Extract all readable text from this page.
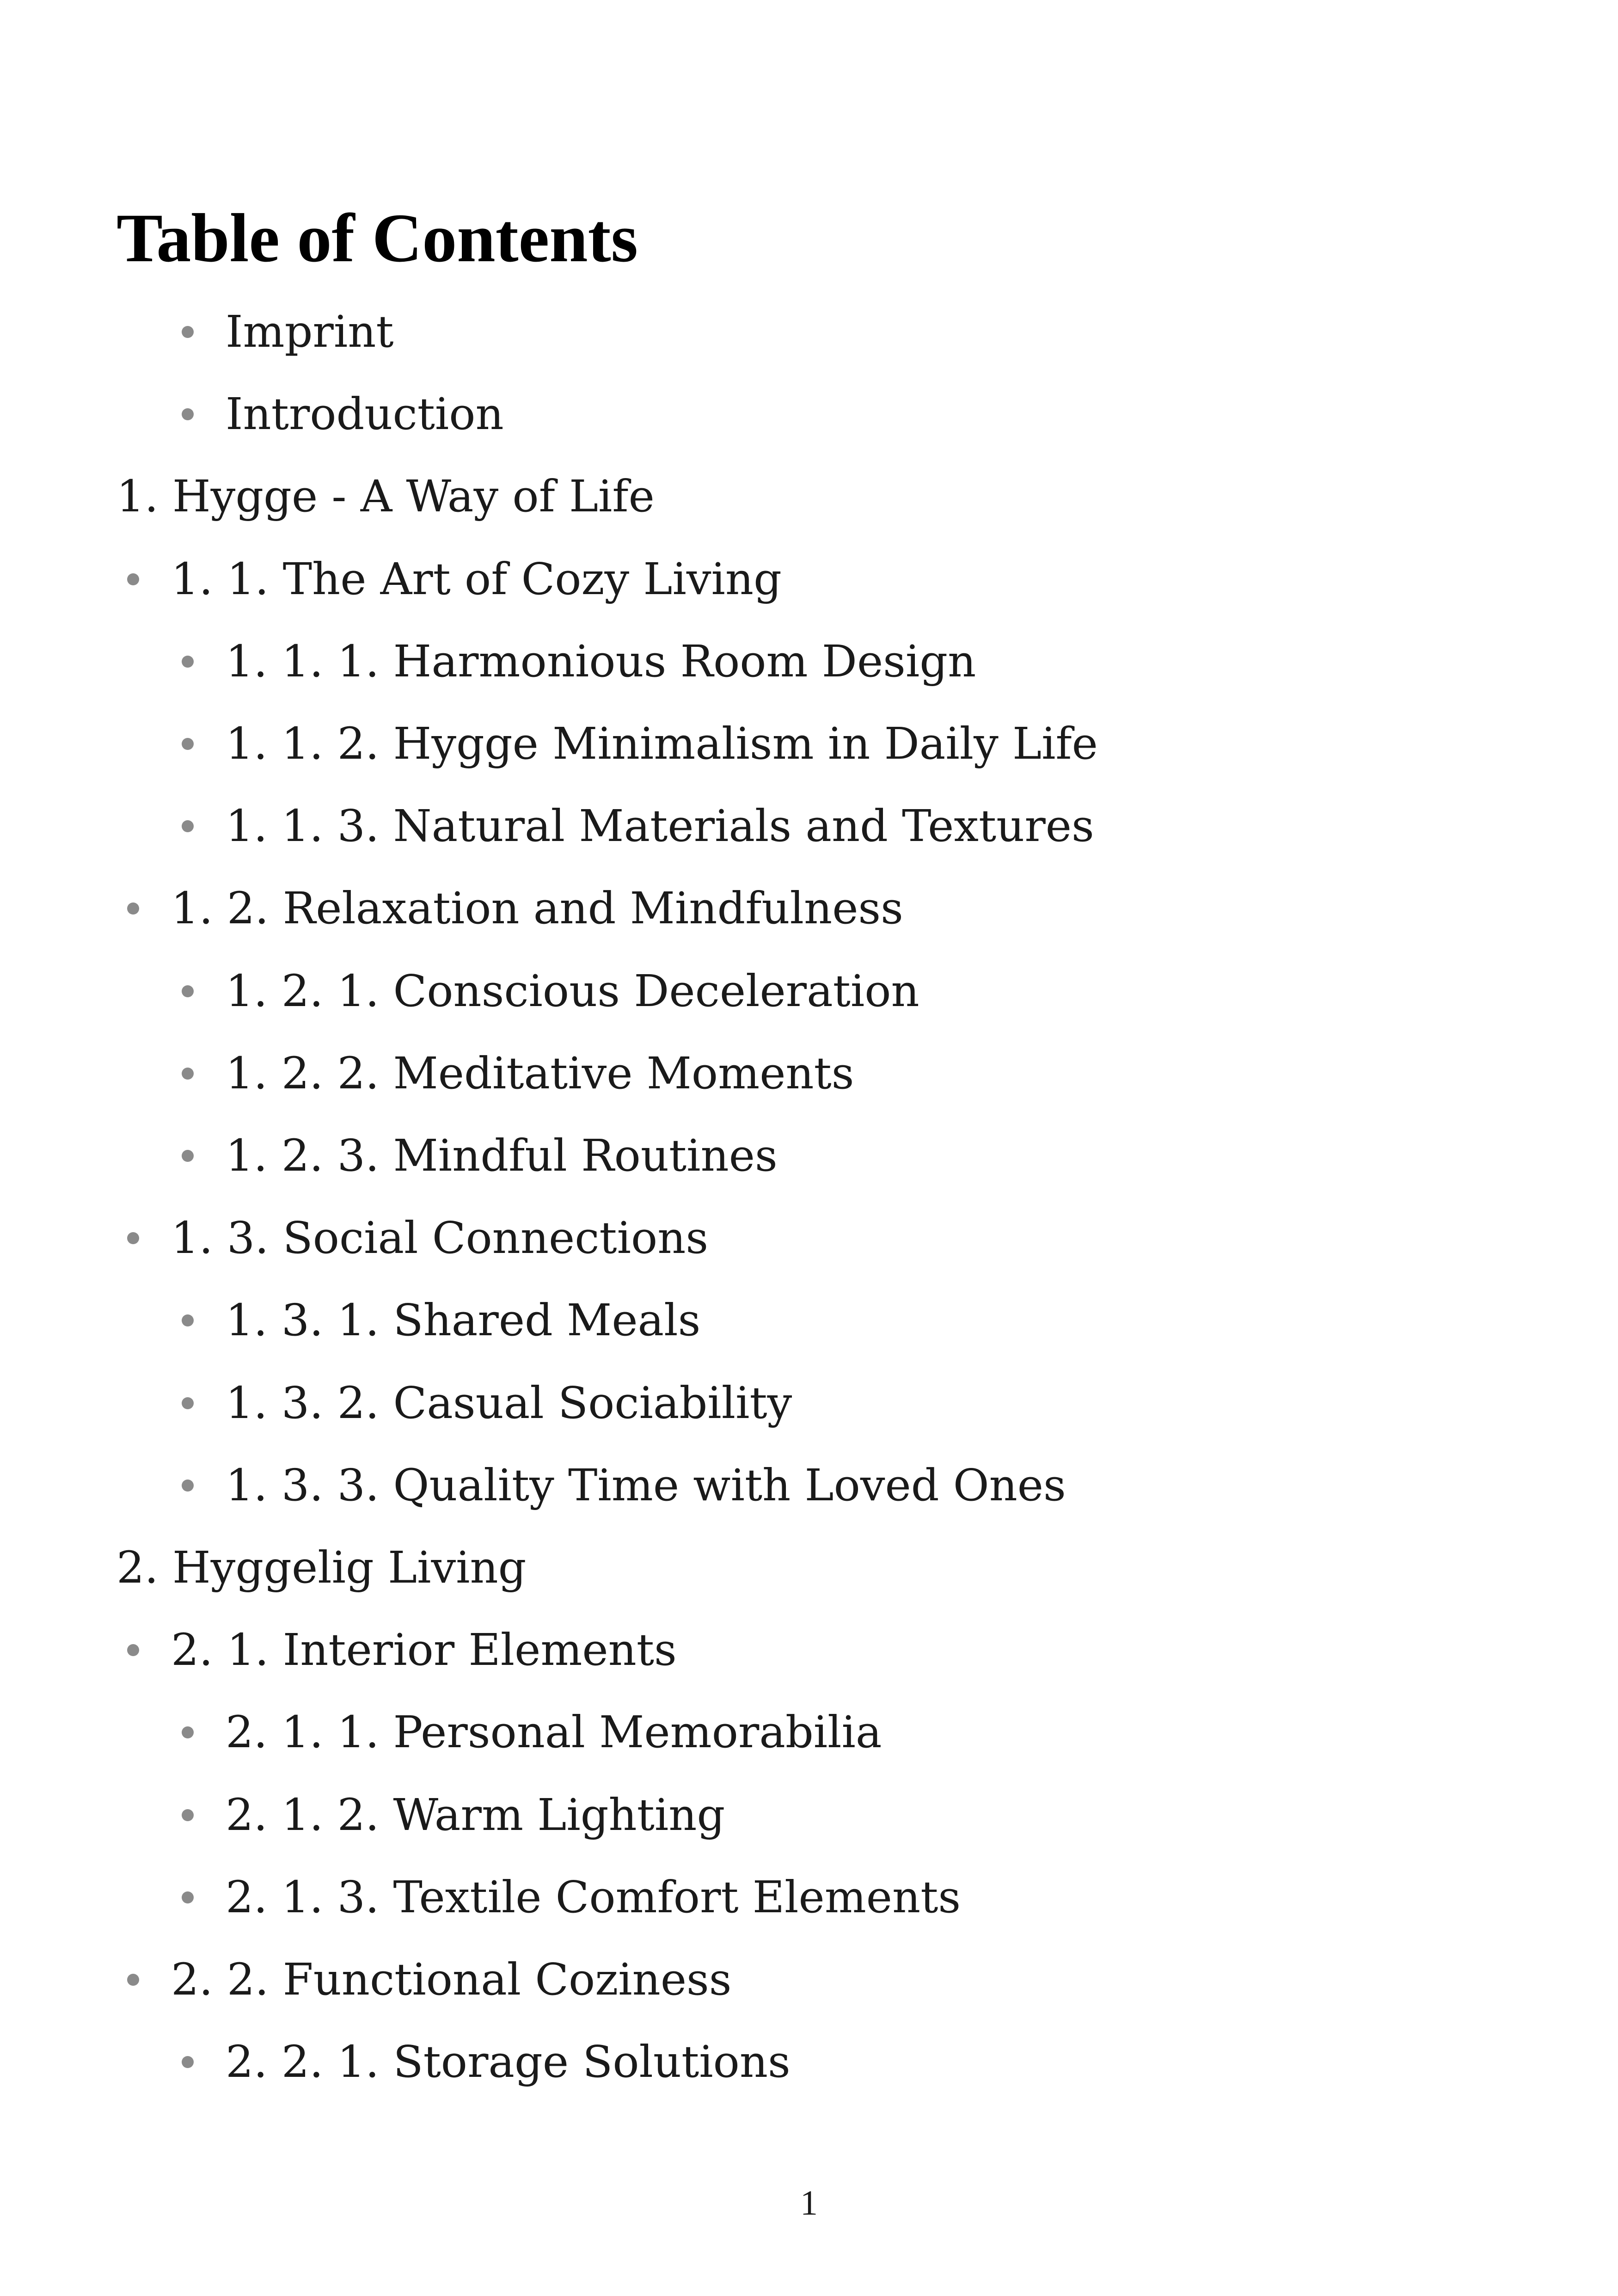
Table of Contents
Imprint
Introduction
1. Hygge - A Way of Life
1. 1. The Art of Cozy Living
1. 1. 1. Harmonious Room Design
1. 1. 2. Hygge Minimalism in Daily Life
1. 1. 3. Natural Materials and Textures
1. 2. Relaxation and Mindfulness
1. 2. 1. Conscious Deceleration
1. 2. 2. Meditative Moments
1. 2. 3. Mindful Routines
1. 3. Social Connections
1. 3. 1. Shared Meals
1. 3. 2. Casual Sociability
1. 3. 3. Quality Time with Loved Ones
2. Hyggelig Living
2. 1. Interior Elements
2. 1. 1. Personal Memorabilia
2. 1. 2. Warm Lighting
2. 1. 3. Textile Comfort Elements
2. 2. Functional Coziness
2. 2. 1. Storage Solutions
1
